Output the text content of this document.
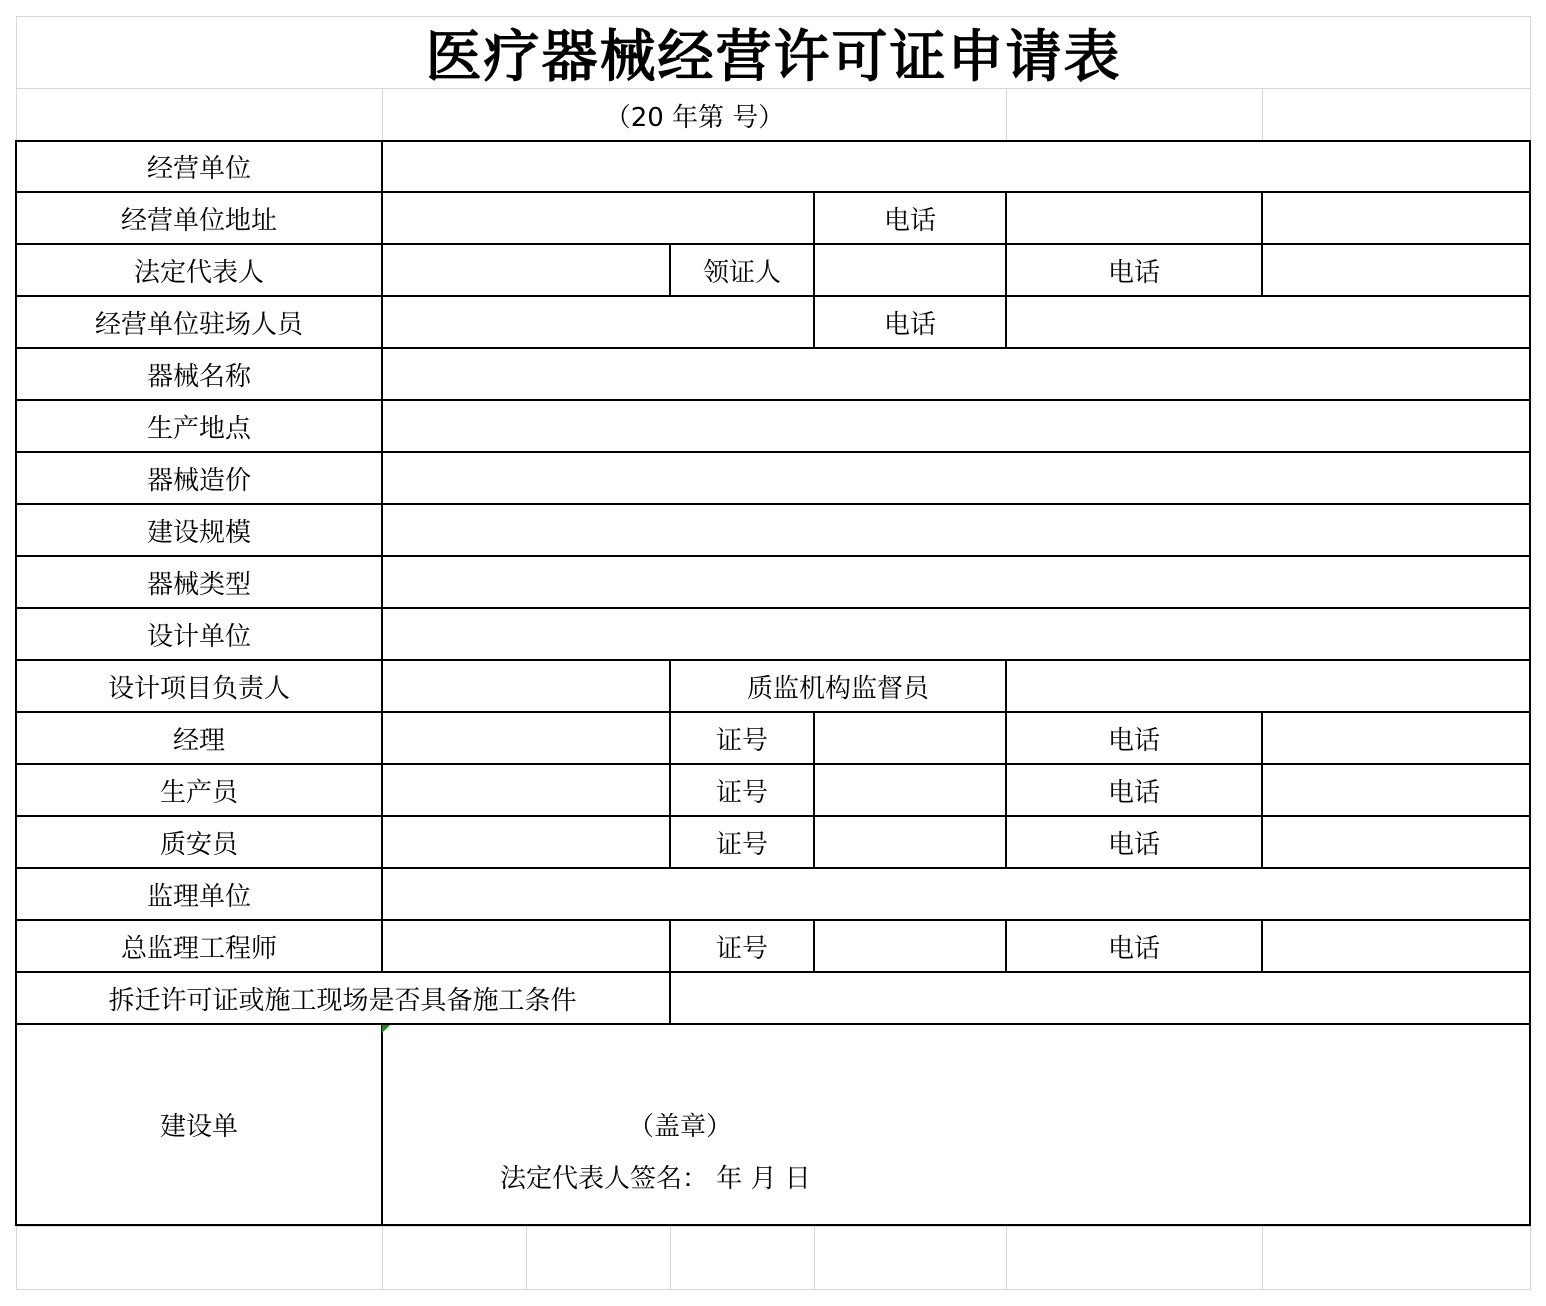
医疗器械经营许可证申请表
（20 年第 号）
经营单位
经营单位地址	电话
法定代表人	领证人	电话
经营单位驻场人员	电话
器械名称
生产地点
器械造价
建设规模
器械类型
设计单位
设计项目负责人	质监机构监督员
经理	证号	电话
生产员	证号	电话
质安员	证号	电话
监理单位
总监理工程师	证号	电话
拆迁许可证或施工现场是否具备施工条件
建设单	（盖章）
法定代表人签名： 年 月 日
